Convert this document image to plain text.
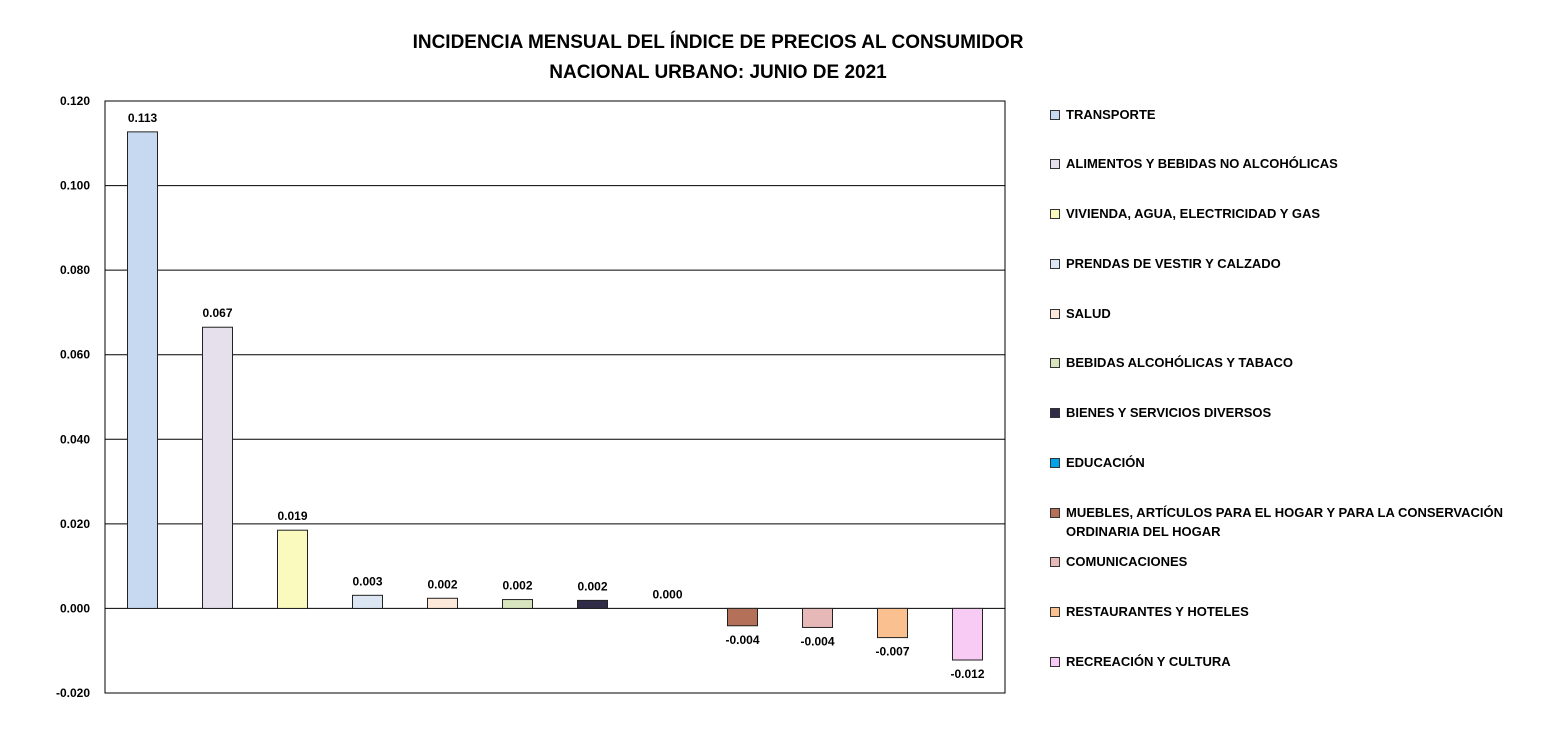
INCIDENCIA MENSUAL DEL ÍNDICE DE PRECIOS AL CONSUMIDOR
NACIONAL URBANO: JUNIO DE 2021
0.120
0.100
0.080
0.060
0.040
0.020
0.000
-0.020
0.113
0.067
0.019
0.003	0.002	0.002	0.002
0.000
-0.004	-0.004
-0.007
-0.012
TRANSPORTE
ALIMENTOS Y BEBIDAS NO ALCOHÓLICAS
VIVIENDA, AGUA, ELECTRICIDAD Y GAS
PRENDAS DE VESTIR Y CALZADO
SALUD
BEBIDAS ALCOHÓLICAS Y TABACO
BIENES Y SERVICIOS DIVERSOS
EDUCACIÓN
MUEBLES, ARTÍCULOS PARA EL HOGAR Y PARA LA CONSERVACIÓN ORDINARIA DEL HOGAR
COMUNICACIONES
RESTAURANTES Y HOTELES
RECREACIÓN Y CULTURA
